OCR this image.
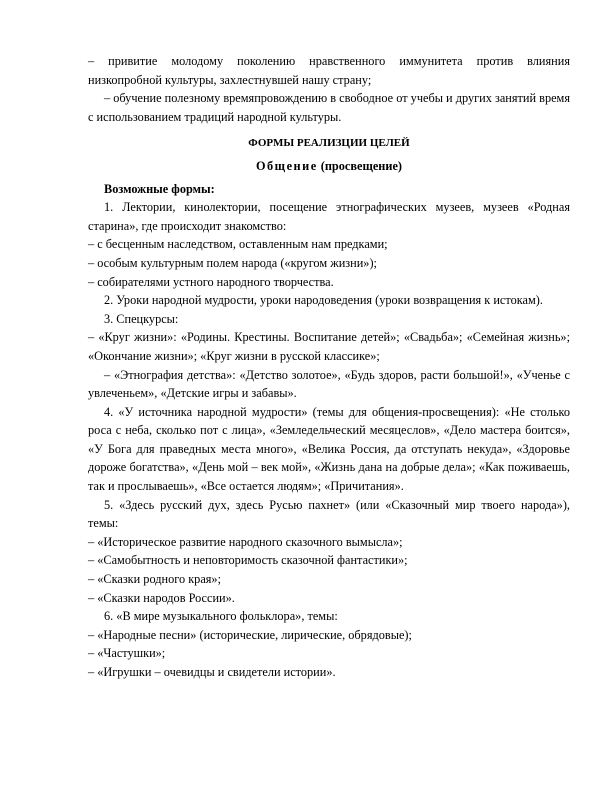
– привитие молодому поколению нравственного иммунитета против влияния низкопробной культуры, захлестнувшей нашу страну;

– обучение полезному времяпровождению в свободное от учебы и других занятий время с использованием традиций народной культуры.

ФОРМЫ РЕАЛИЗЦИИ ЦЕЛЕЙ

Общение (просвещение)

Возможные формы:

1. Лектории, кинолектории, посещение этнографических музеев, музеев «Родная старина», где происходит знакомство:

– с бесценным наследством, оставленным нам предками;

– особым культурным полем народа («кругом жизни»);

– собирателями устного народного творчества.

2. Уроки народной мудрости, уроки народоведения (уроки возвращения к истокам).

3. Спецкурсы:

– «Круг жизни»: «Родины. Крестины. Воспитание детей»; «Свадьба»; «Семейная жизнь»; «Окончание жизни»; «Круг жизни в русской классике»;

– «Этнография детства»: «Детство золотое», «Будь здоров, расти большой!», «Ученье с увлеченьем», «Детские игры и забавы».

4. «У источника народной мудрости» (темы для общения-просвещения): «Не столько роса с неба, сколько пот с лица», «Земледельческий месяцеслов», «Дело мастера боится», «У Бога для праведных места много», «Велика Россия, да отступать некуда», «Здоровье дороже богатства», «День мой – век мой», «Жизнь дана на добрые дела»; «Как поживаешь, так и прослываешь», «Все остается людям»; «Причитания».

5. «Здесь русский дух, здесь Русью пахнет» (или «Сказочный мир твоего народа»), темы:

– «Историческое развитие народного сказочного вымысла»;

– «Самобытность и неповторимость сказочной фантастики»;

– «Сказки родного края»;

– «Сказки народов России».

6. «В мире музыкального фольклора», темы:

– «Народные песни» (исторические, лирические, обрядовые);

– «Частушки»;

– «Игрушки – очевидцы и свидетели истории».
